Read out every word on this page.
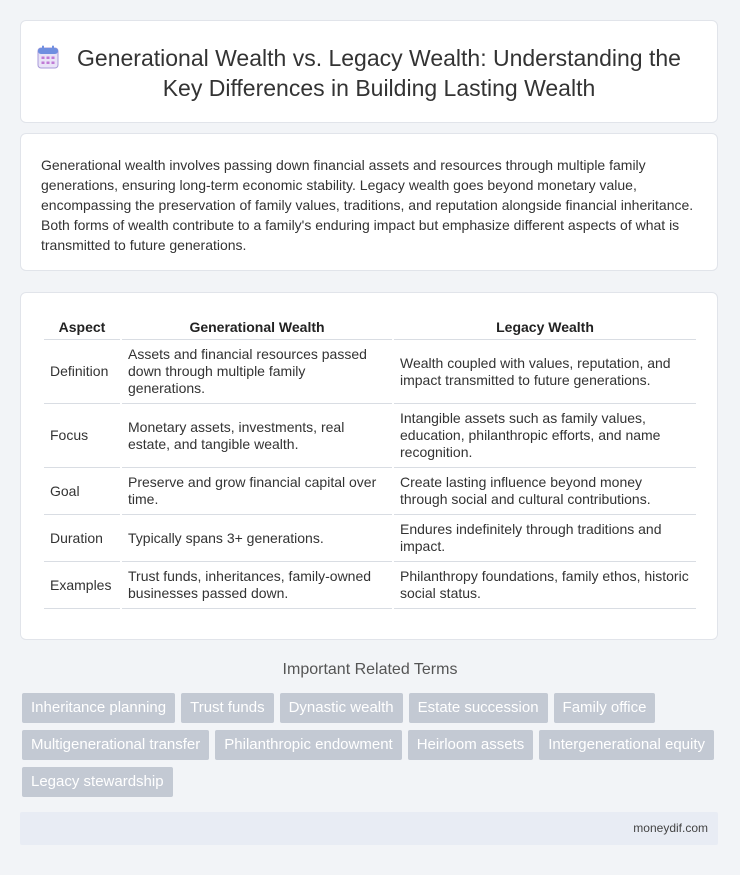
Generational Wealth vs. Legacy Wealth: Understanding the Key Differences in Building Lasting Wealth

Generational wealth involves passing down financial assets and resources through multiple family generations, ensuring long-term economic stability. Legacy wealth goes beyond monetary value, encompassing the preservation of family values, traditions, and reputation alongside financial inheritance. Both forms of wealth contribute to a family's enduring impact but emphasize different aspects of what is transmitted to future generations.

Aspect	Generational Wealth	Legacy Wealth
Definition	Assets and financial resources passed down through multiple family generations.	Wealth coupled with values, reputation, and impact transmitted to future generations.
Focus	Monetary assets, investments, real estate, and tangible wealth.	Intangible assets such as family values, education, philanthropic efforts, and name recognition.
Goal	Preserve and grow financial capital over time.	Create lasting influence beyond money through social and cultural contributions.
Duration	Typically spans 3+ generations.	Endures indefinitely through traditions and impact.
Examples	Trust funds, inheritances, family-owned businesses passed down.	Philanthropy foundations, family ethos, historic social status.
Important Related Terms
Inheritance planning	Trust funds	Dynastic wealth	Estate succession	Family office
Multigenerational transfer	Philanthropic endowment	Heirloom assets	Intergenerational equity
Legacy stewardship
moneydif.com
